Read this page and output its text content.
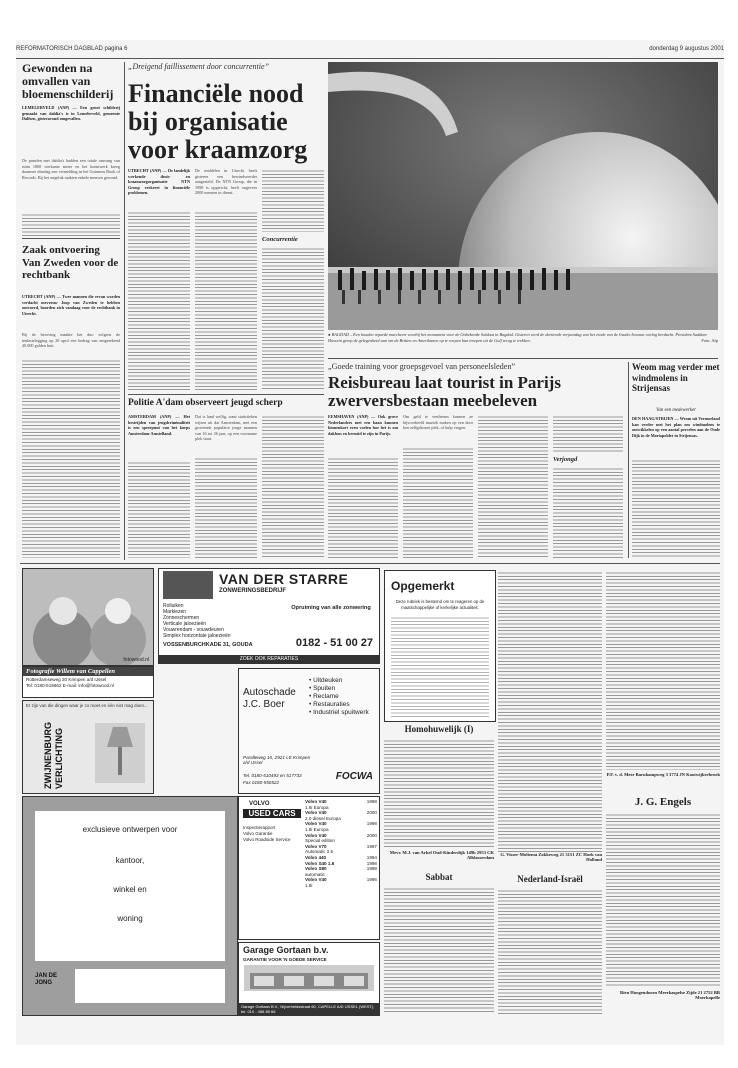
REFORMATORISCH DAGBLAD pagina 6	donderdag 9 augustus 2001
Gewonden na omvallen van bloemenschilderij
LEMELERVELD (ANP) — Een groot schilderij gemaakt van dahlia's is in Lemelerveld, gemeente Dalfsen, gisteravond omgevallen.
De panelen met dahlia's hadden een totale omvang van ruim 1800 vierkante meter en het kunstwerk kreeg daarmee dinsdag een vermelding in het Guinness Book of Records. Bij het ongeluk raakten enkele mensen gewond.
Zaak ontvoering Van Zweden voor de rechtbank
UTRECHT (ANP) — Twee mannen die ervan worden verdacht mevrouw Joop van Zweden te hebben ontvoerd, hoorden zich vandaag voor de rechtbank in Utrecht.
Bij de beroving maakte het duo volgens de tenlastelegging op 20 april een bedrag van omgerekend 40.000 gulden buit.
„Dreigend faillissement door concurrentie”
Financiële nood bij organisatie voor kraamzorg
UTRECHT (ANP) — De landelijk werkende thuis- en kraamzorgorganisatie NTN Group verkeert in financiële problemen.
De middelen in Utrecht heeft gisteren een bewindvoerder aangesteld. De NTN Group, die in 1990 is opgericht, heeft ongeveer 2000 mensen in dienst.
Concurrentie
Politie A'dam observeert jeugd scherp
AMSTERDAM (ANP) — Het bestrijden van jeugdcriminaliteit is een speerpunt van het korps Amsterdam-Amstelland.
Dat is land wellig, want statistieken wijzen uit dat Amsterdam, met een groeiende populaire jonge mannen van 16 tot 26 jaar, op een voorname plek staat.
● BAGDAD – Een houden reparde marcheert voorbij het monument voor de Onbekende Soldaat in Bagdad. Gisteren werd de dertiende verjaardag van het einde van de Iraaks-Iraanse oorlog herdacht. President Saddam Hussein greep de gelegenheid aan om de Britten en Amerikanen op te roepen hun troepen uit de Golf terug te trekken.	Foto: Afp
„Goede training voor groepsgevoel van personeelsleden”
Reisbureau laat tourist in Parijs zwerversbestaan meebeleven
EEMSHAVEN (ANP) — Ook grove Nederlanders met een baan kunnen binnenkort even voelen hoe het is om dakloos en berooid te zijn in Parijs.
Om geld te verdienen kunnen ze bijvoorbeeld muziek maken op een door hen zelfgekozen plek, of hulp vragen.
Verjongd
Weom mag verder met windmolens in Strijensas
Van een medewerker
DEN HAAG/STRIJEN — Weom uit Vermoeland kan verder met het plan om windmolens te ontwikkelen op een aantal percelen aan de Oude Dijk in de Mariapolder in Strijensas.
fotowood.nl
Fotografie Willem van Cappellen
Rotterdamseweg 20 Krimpen a/d IJssel
Tel: 0180-519662 E-mail: info@fotowood.nl
Er zijn van die dingen waar je zo moet en één niet mag doen...
ZWIJNENBURG VERLICHTING
exclusieve ontwerpen voor
kantoor,
winkel en
woning
JAN DE JONG
VAN DER STARRE
ZONWERINGSBEDRIJF
Rolluiken
Markiezen
Zonneschermen
Verticale jaloezieën
Vouwrendam - vouwdeuren
Simplex horizontale jaloezieën
Opruiming van alle zonwering
VOSSENBURCHKADE 31, GOUDA	0182 - 51 00 27
ZOEK OOK REPARATIES
Autoschade J.C. Boer
• Uitdeuken
• Spuiten
• Reclame
• Restauraties
• Industriel spuitwerk
Paralleweg 10, 2921 LE Krimpen a/d IJssel
Tel. 0180-510493 en 517733
Fax 0180-550522
FOCWA
VOLVO
USED CARS
Inspectierapport
Volvo Garantie
Volvo Roadside Service
Volvo V40	1998

1.6i Europa
Volvo V40	2000

2.0 diesel Europa
Volvo V40	1998

1.8i Europa
Volvo V40	2000

Special edition
Volvo V70	1997

Automatic 2.5
Volvo 440	1994
Volvo S40 1.6	1998
Volvo S80	1998

automatic
Volvo V40	1996

1.8i
Garage Gortaan b.v.
GARANTIE VOOR 'N GOEDE SERVICE
Garage Gortaan B.V., Nijverheidsstraat 60, CAPELLE A/D IJSSEL (WEST), tel. 010 - 458 89 66
Opgemerkt
Deze rubriek is bestemd om te reageren op de maatschappelijke of kerkelijke actualiteit.
Homohuwelijk (I)
Mevr. M.J. van Arkel Oud-Kinderdijk 149b 2953 CK Alblasserdam
Sabbat
G. Visser-Moltema Zokkeweg 21 3151 ZC Hoek van Holland
Nederland-Israël
P.F. v. d. Meer Barukampweg 3 3774 JN Kootwijkerbroek
J. G. Engels
Rien Hoogendoorn Meerkaspelse Zijde 21 2752 BB Moerkapelle
